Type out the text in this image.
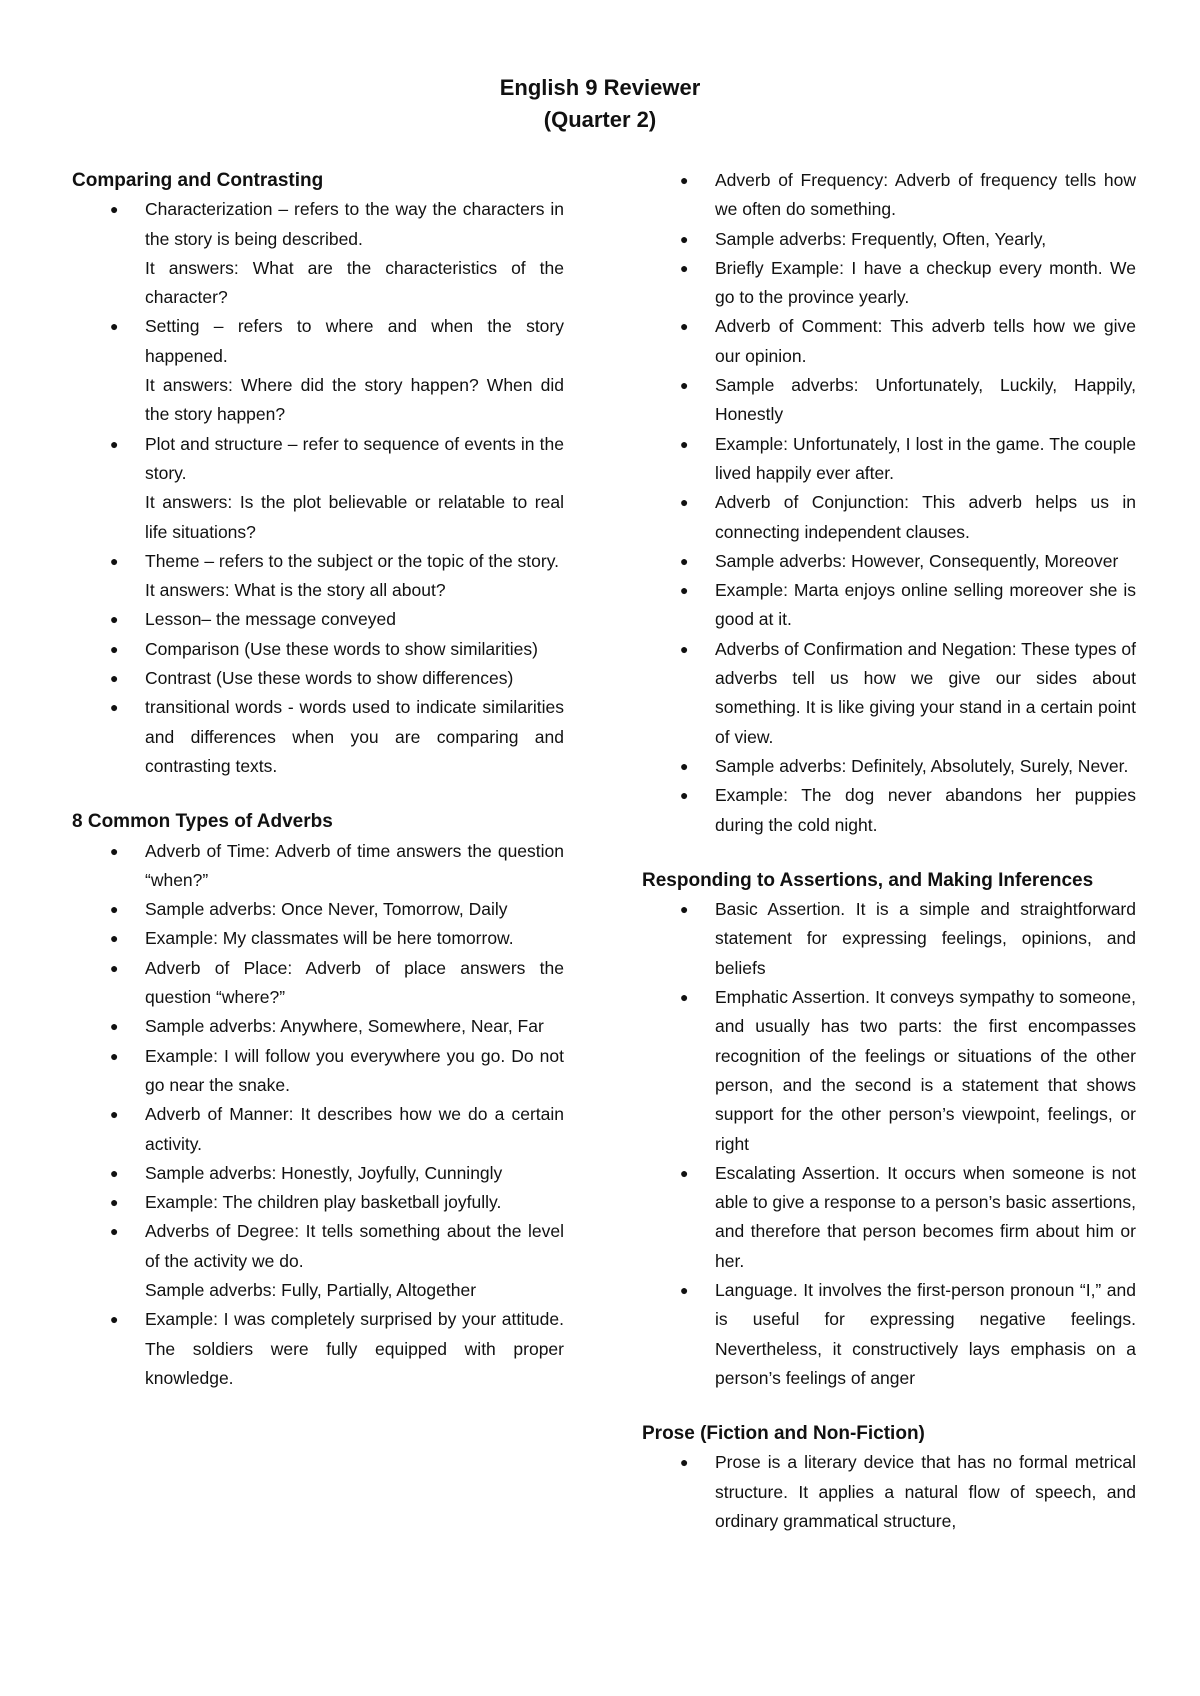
English 9 Reviewer
(Quarter 2)
Comparing and Contrasting
● Characterization – refers to the way the characters in the story is being described.
It answers: What are the characteristics of the character?
● Setting – refers to where and when the story happened.
It answers: Where did the story happen? When did the story happen?
● Plot and structure – refer to sequence of events in the story.
It answers: Is the plot believable or relatable to real life situations?
● Theme – refers to the subject or the topic of the story.
It answers: What is the story all about?
● Lesson– the message conveyed
● Comparison (Use these words to show similarities)
● Contrast (Use these words to show differences)
● transitional words - words used to indicate similarities and differences when you are comparing and contrasting texts.
8 Common Types of Adverbs
● Adverb of Time: Adverb of time answers the question “when?”
● Sample adverbs: Once Never, Tomorrow, Daily
● Example: My classmates will be here tomorrow.
● Adverb of Place: Adverb of place answers the question “where?”
● Sample adverbs: Anywhere, Somewhere, Near, Far
● Example: I will follow you everywhere you go. Do not go near the snake.
● Adverb of Manner: It describes how we do a certain activity.
● Sample adverbs: Honestly, Joyfully, Cunningly
● Example: The children play basketball joyfully.
● Adverbs of Degree: It tells something about the level of the activity we do.
Sample adverbs: Fully, Partially, Altogether
● Example: I was completely surprised by your attitude. The soldiers were fully equipped with proper knowledge.
● Adverb of Frequency: Adverb of frequency tells how we often do something.
● Sample adverbs: Frequently, Often, Yearly,
● Briefly Example: I have a checkup every month. We go to the province yearly.
● Adverb of Comment: This adverb tells how we give our opinion.
● Sample adverbs: Unfortunately, Luckily, Happily, Honestly
● Example: Unfortunately, I lost in the game. The couple lived happily ever after.
● Adverb of Conjunction: This adverb helps us in connecting independent clauses.
● Sample adverbs: However, Consequently, Moreover
● Example: Marta enjoys online selling moreover she is good at it.
● Adverbs of Confirmation and Negation: These types of adverbs tell us how we give our sides about something. It is like giving your stand in a certain point of view.
● Sample adverbs: Definitely, Absolutely, Surely, Never.
● Example: The dog never abandons her puppies during the cold night.
Responding to Assertions, and Making Inferences
● Basic Assertion. It is a simple and straightforward statement for expressing feelings, opinions, and beliefs
● Emphatic Assertion. It conveys sympathy to someone, and usually has two parts: the first encompasses recognition of the feelings or situations of the other person, and the second is a statement that shows support for the other person’s viewpoint, feelings, or right
● Escalating Assertion. It occurs when someone is not able to give a response to a person’s basic assertions, and therefore that person becomes firm about him or her.
● Language. It involves the first-person pronoun “I,” and is useful for expressing negative feelings. Nevertheless, it constructively lays emphasis on a person’s feelings of anger
Prose (Fiction and Non-Fiction)
● Prose is a literary device that has no formal metrical structure. It applies a natural flow of speech, and ordinary grammatical structure,
